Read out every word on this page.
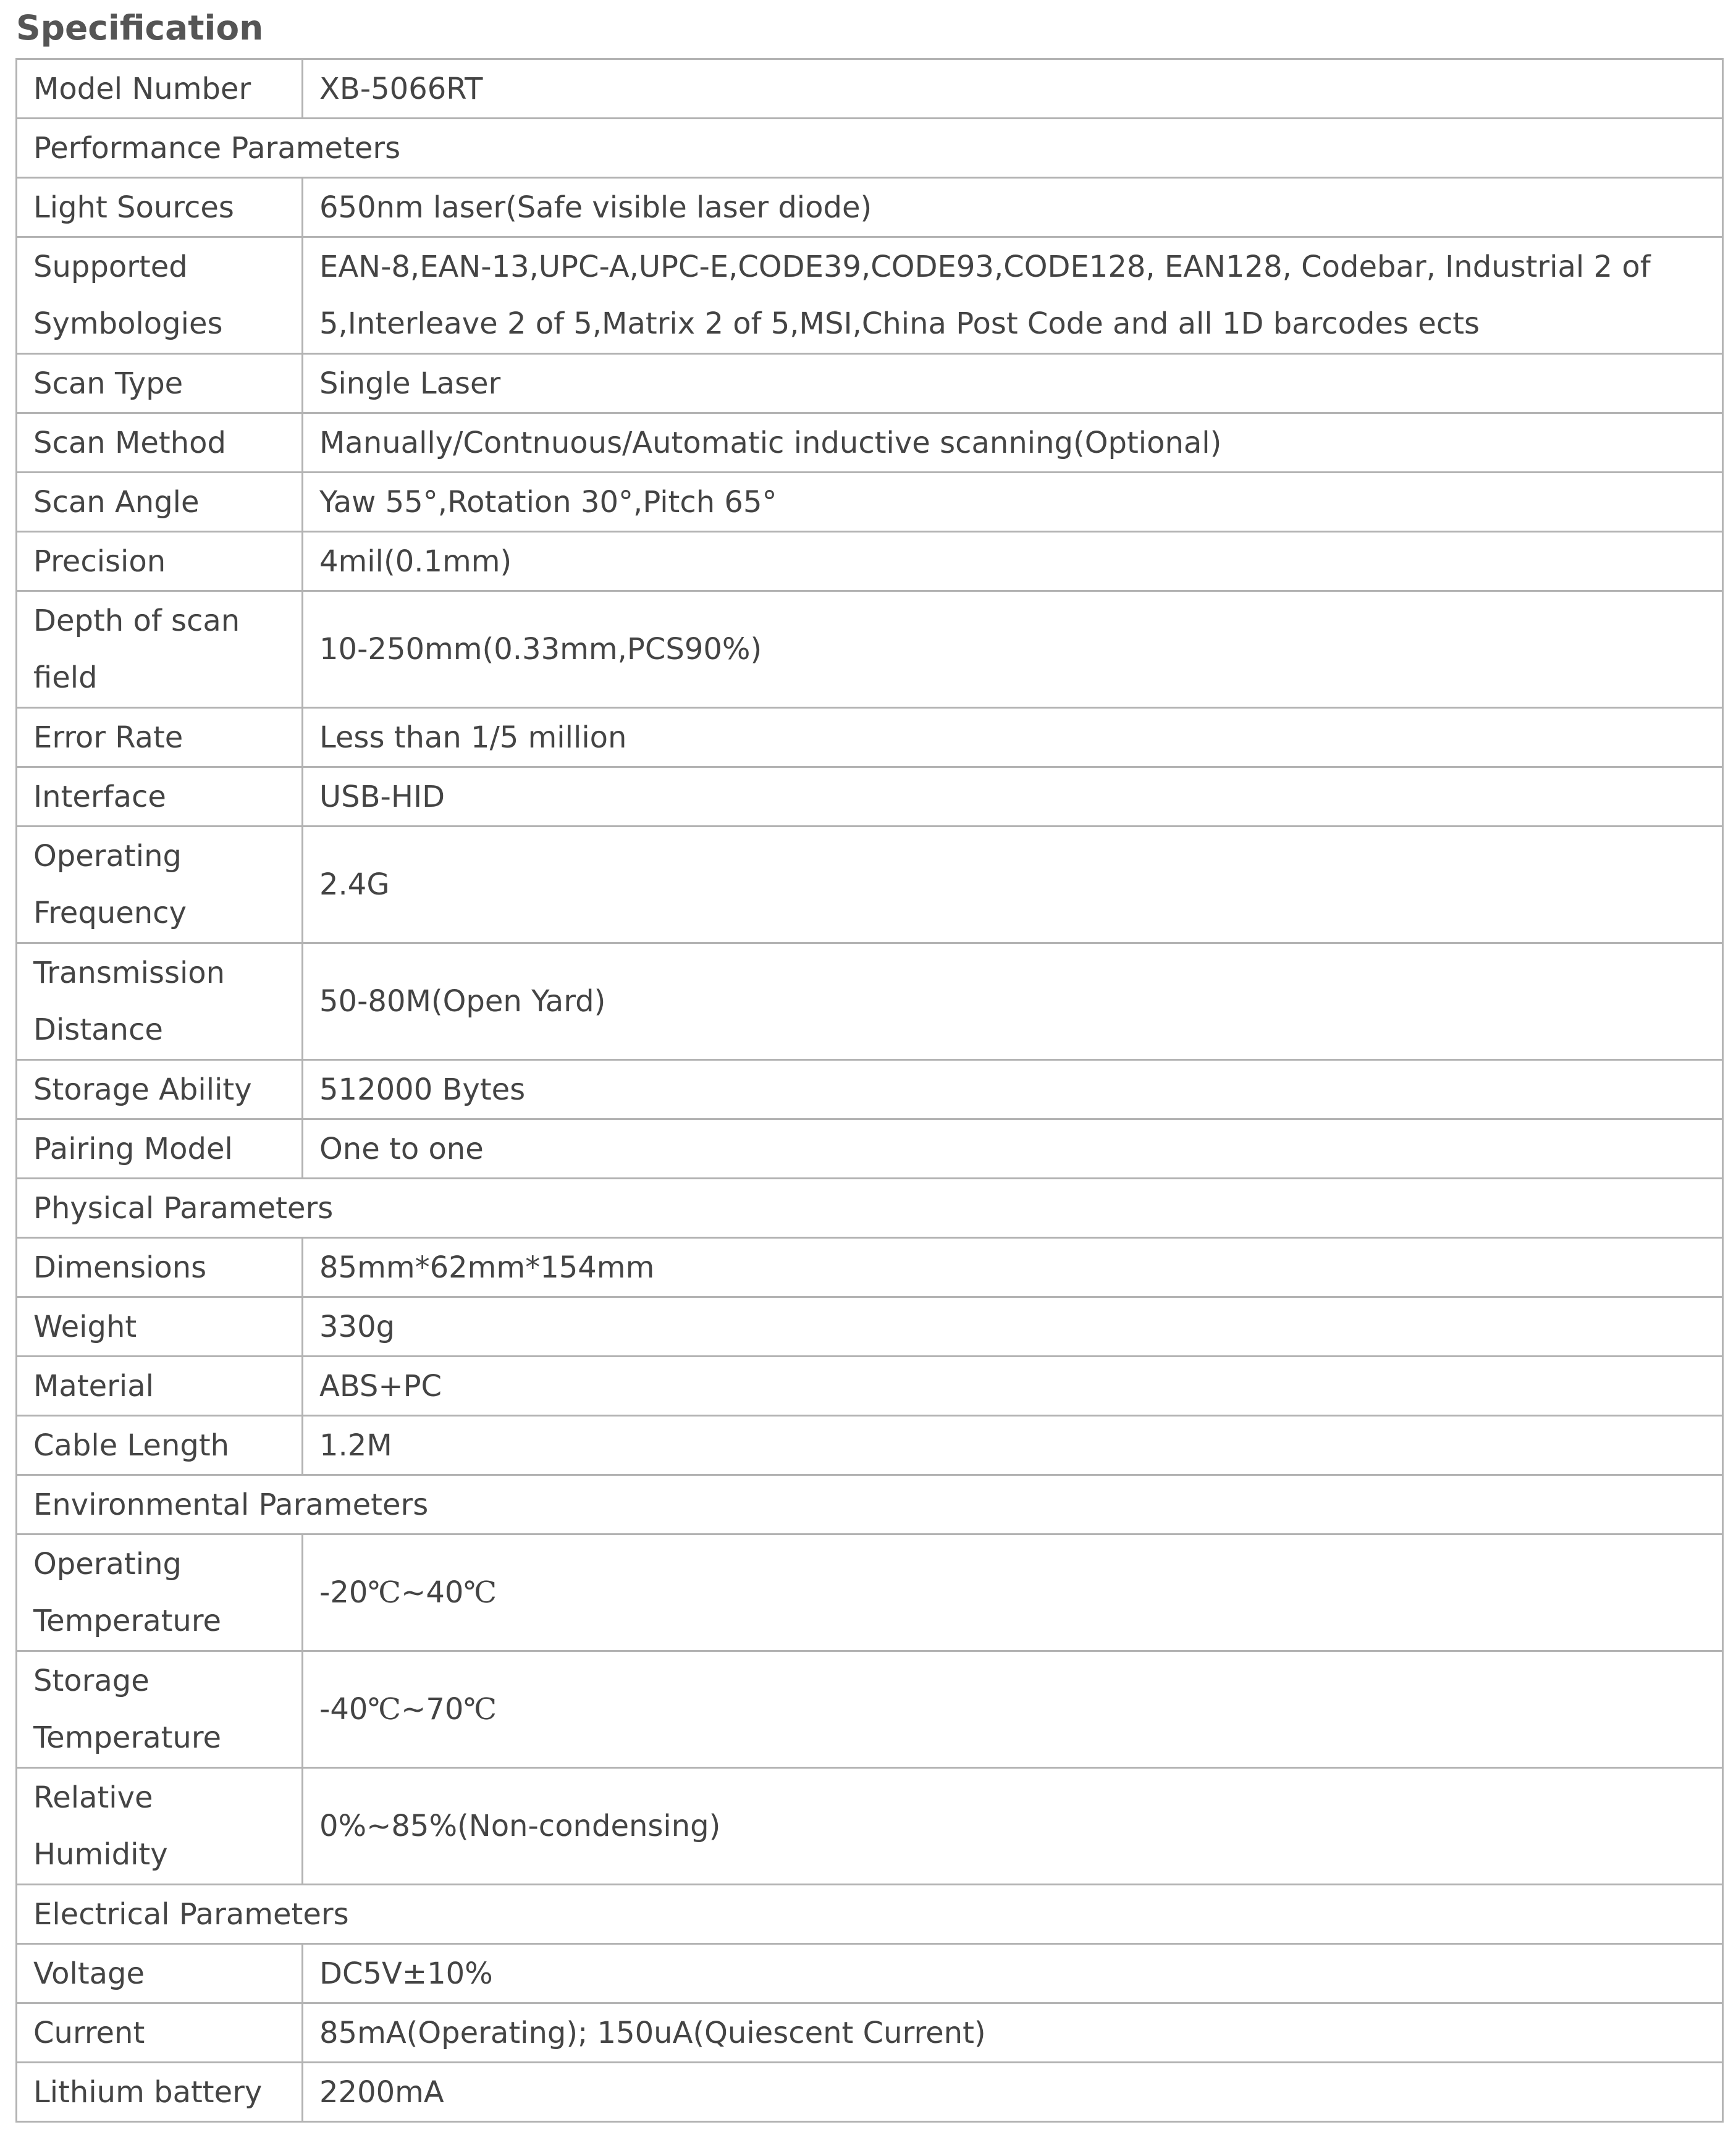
Specification
Model Number	XB-5066RT
Performance Parameters	
Light Sources	650nm laser(Safe visible laser diode)
Supported Symbologies	EAN-8,EAN-13,UPC-A,UPC-E,CODE39,CODE93,CODE128, EAN128, Codebar, Industrial 2 of 5,Interleave 2 of 5,Matrix 2 of 5,MSI,China Post Code and all 1D barcodes ects
Scan Type	Single Laser
Scan Method	Manually/Contnuous/Automatic inductive scanning(Optional)
Scan Angle	Yaw 55°,Rotation 30°,Pitch 65°
Precision	4mil(0.1mm)
Depth of scan field	10-250mm(0.33mm,PCS90%)
Error Rate	Less than 1/5 million
Interface	USB-HID
Operating Frequency	2.4G
Transmission Distance	50-80M(Open Yard)
Storage Ability	512000 Bytes
Pairing Model	One to one
Physical Parameters	
Dimensions	85mm*62mm*154mm
Weight	330g
Material	ABS+PC
Cable Length	1.2M
Environmental Parameters	
Operating Temperature	-20℃~40℃
Storage Temperature	-40℃~70℃
Relative Humidity	0%~85%(Non-condensing)
Electrical Parameters	
Voltage	DC5V±10%
Current	85mA(Operating); 150uA(Quiescent Current)
Lithium battery	2200mA
